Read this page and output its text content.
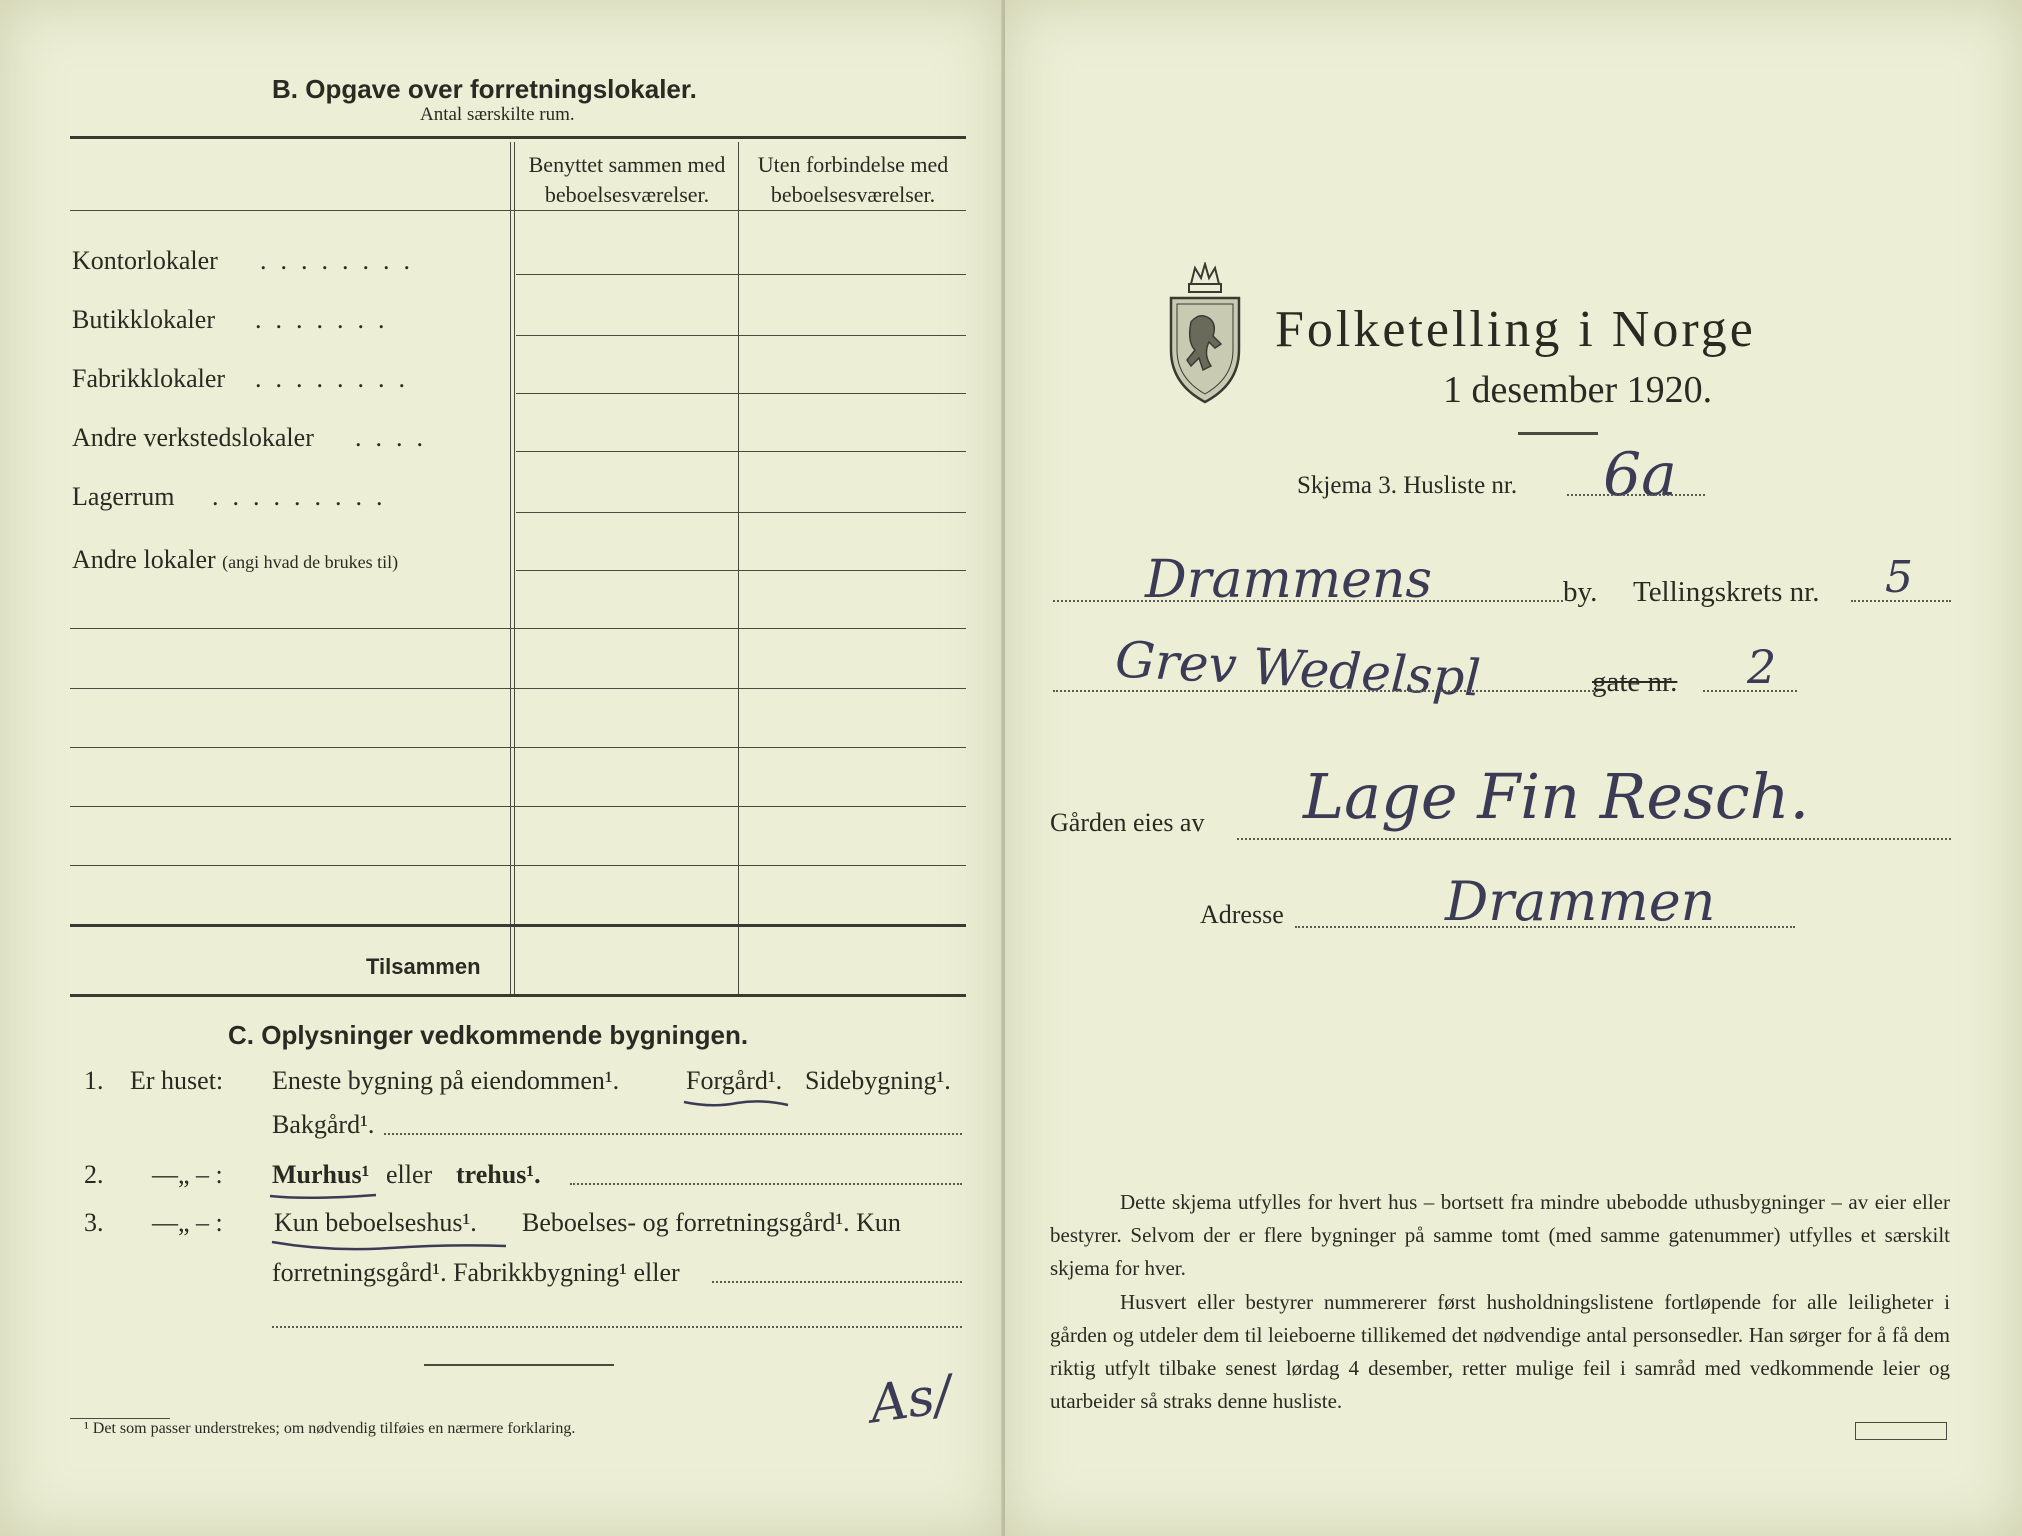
B. Opgave over forretningslokaler.
Antal særskilte rum.
Benyttet sammen med
beboelsesværelser.
Uten forbindelse med
beboelsesværelser.
Kontorlokaler ........
Butikklokaler .......
Fabrikklokaler ........
Andre verkstedslokaler ....
Lagerrum .........
Andre lokaler (angi hvad de brukes til)
Tilsammen
C. Oplysninger vedkommende bygningen.
1. Er huset: Eneste bygning på eiendommen¹.	Forgård¹. Sidebygning¹.
Bakgård¹.
2. —„ – : Murhus¹ eller trehus¹.
3. —„ – : Kun beboelseshus¹. Beboelses- og forretningsgård¹. Kun
forretningsgård¹. Fabrikkbygning¹ eller
As/
¹ Det som passer understrekes; om nødvendig tilføies en nærmere forklaring.
Folketelling i Norge
1 desember 1920.
Skjema 3. Husliste nr. 6a
Drammens	by. Tellingskrets nr. 5
Grev Wedelspl	gate nr. 2
Gården eies av Lage Fin Resch.
Adresse	Drammen
Dette skjema utfylles for hvert hus – bortsett fra mindre ubebodde uthusbygninger – av eier eller bestyrer. Selvom der er flere bygninger på samme tomt (med samme gatenummer) utfylles et særskilt skjema for hver.
Husvert eller bestyrer nummererer først husholdningslistene fortløpende for alle leiligheter i gården og utdeler dem til leieboerne tillikemed det nødvendige antal personsedler. Han sørger for å få dem riktig utfylt tilbake senest lørdag 4 desember, retter mulige feil i samråd med vedkommende leier og utarbeider så straks denne husliste.
